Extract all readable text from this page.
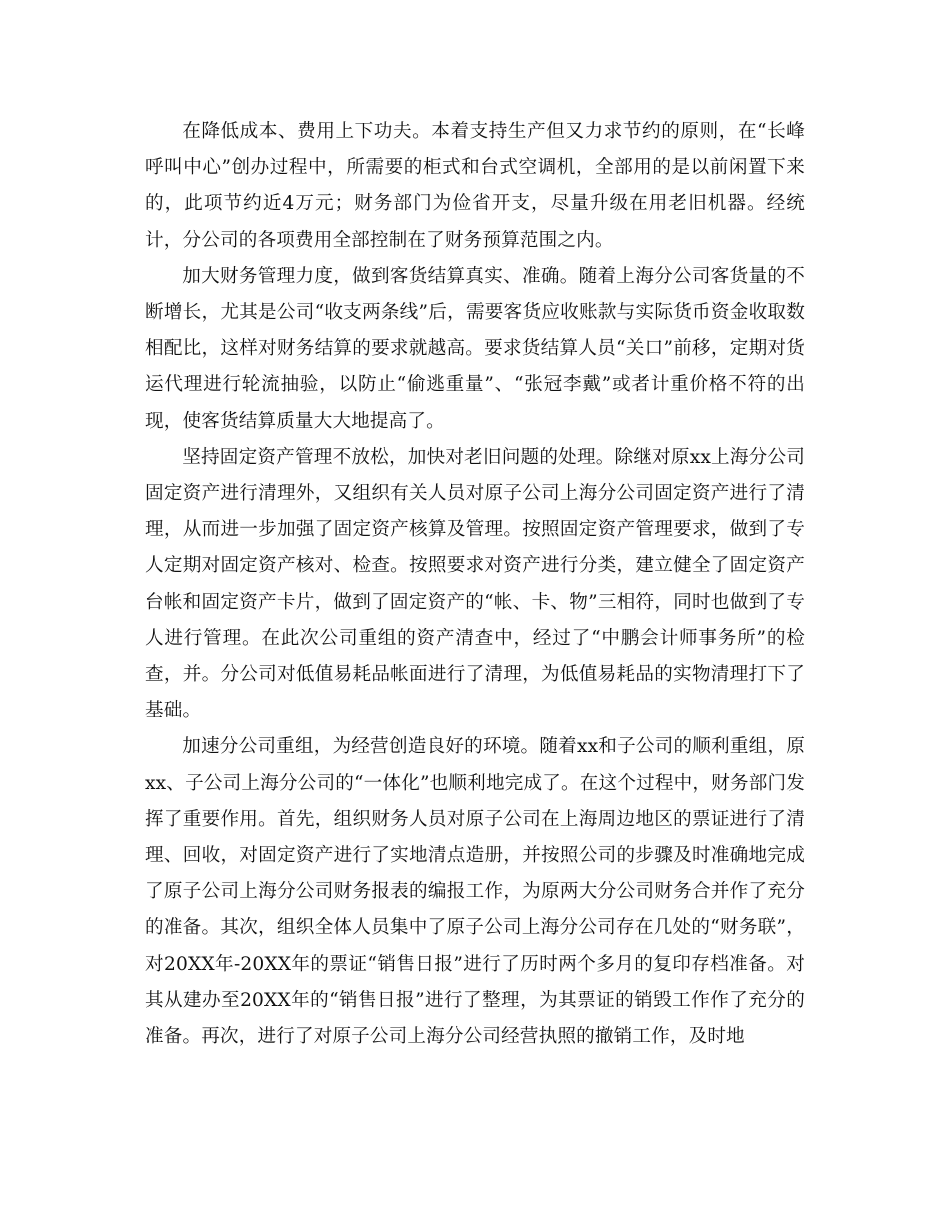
在降低成本、费用上下功夫。本着支持生产但又力求节约的原则，在“长峰呼叫中心”创办过程中，所需要的柜式和台式空调机，全部用的是以前闲置下来的，此项节约近4万元；财务部门为俭省开支，尽量升级在用老旧机器。经统计，分公司的各项费用全部控制在了财务预算范围之内。

加大财务管理力度，做到客货结算真实、准确。随着上海分公司客货量的不断增长，尤其是公司“收支两条线”后，需要客货应收账款与实际货币资金收取数相配比，这样对财务结算的要求就越高。要求货结算人员“关口”前移，定期对货运代理进行轮流抽验，以防止“偷逃重量”、“张冠李戴”或者计重价格不符的出现，使客货结算质量大大地提高了。

坚持固定资产管理不放松，加快对老旧问题的处理。除继对原xx上海分公司固定资产进行清理外，又组织有关人员对原子公司上海分公司固定资产进行了清理，从而进一步加强了固定资产核算及管理。按照固定资产管理要求，做到了专人定期对固定资产核对、检查。按照要求对资产进行分类，建立健全了固定资产台帐和固定资产卡片，做到了固定资产的“帐、卡、物”三相符，同时也做到了专人进行管理。在此次公司重组的资产清查中，经过了“中鹏会计师事务所”的检查，并。分公司对低值易耗品帐面进行了清理，为低值易耗品的实物清理打下了基础。

加速分公司重组，为经营创造良好的环境。随着xx和子公司的顺利重组，原xx、子公司上海分公司的“一体化”也顺利地完成了。在这个过程中，财务部门发挥了重要作用。首先，组织财务人员对原子公司在上海周边地区的票证进行了清理、回收，对固定资产进行了实地清点造册，并按照公司的步骤及时准确地完成了原子公司上海分公司财务报表的编报工作，为原两大分公司财务合并作了充分的准备。其次，组织全体人员集中了原子公司上海分公司存在几处的“财务联”，对20XX年-20XX年的票证“销售日报”进行了历时两个多月的复印存档准备。对其从建办至20XX年的“销售日报”进行了整理，为其票证的销毁工作作了充分的准备。再次，进行了对原子公司上海分公司经营执照的撤销工作，及时地
